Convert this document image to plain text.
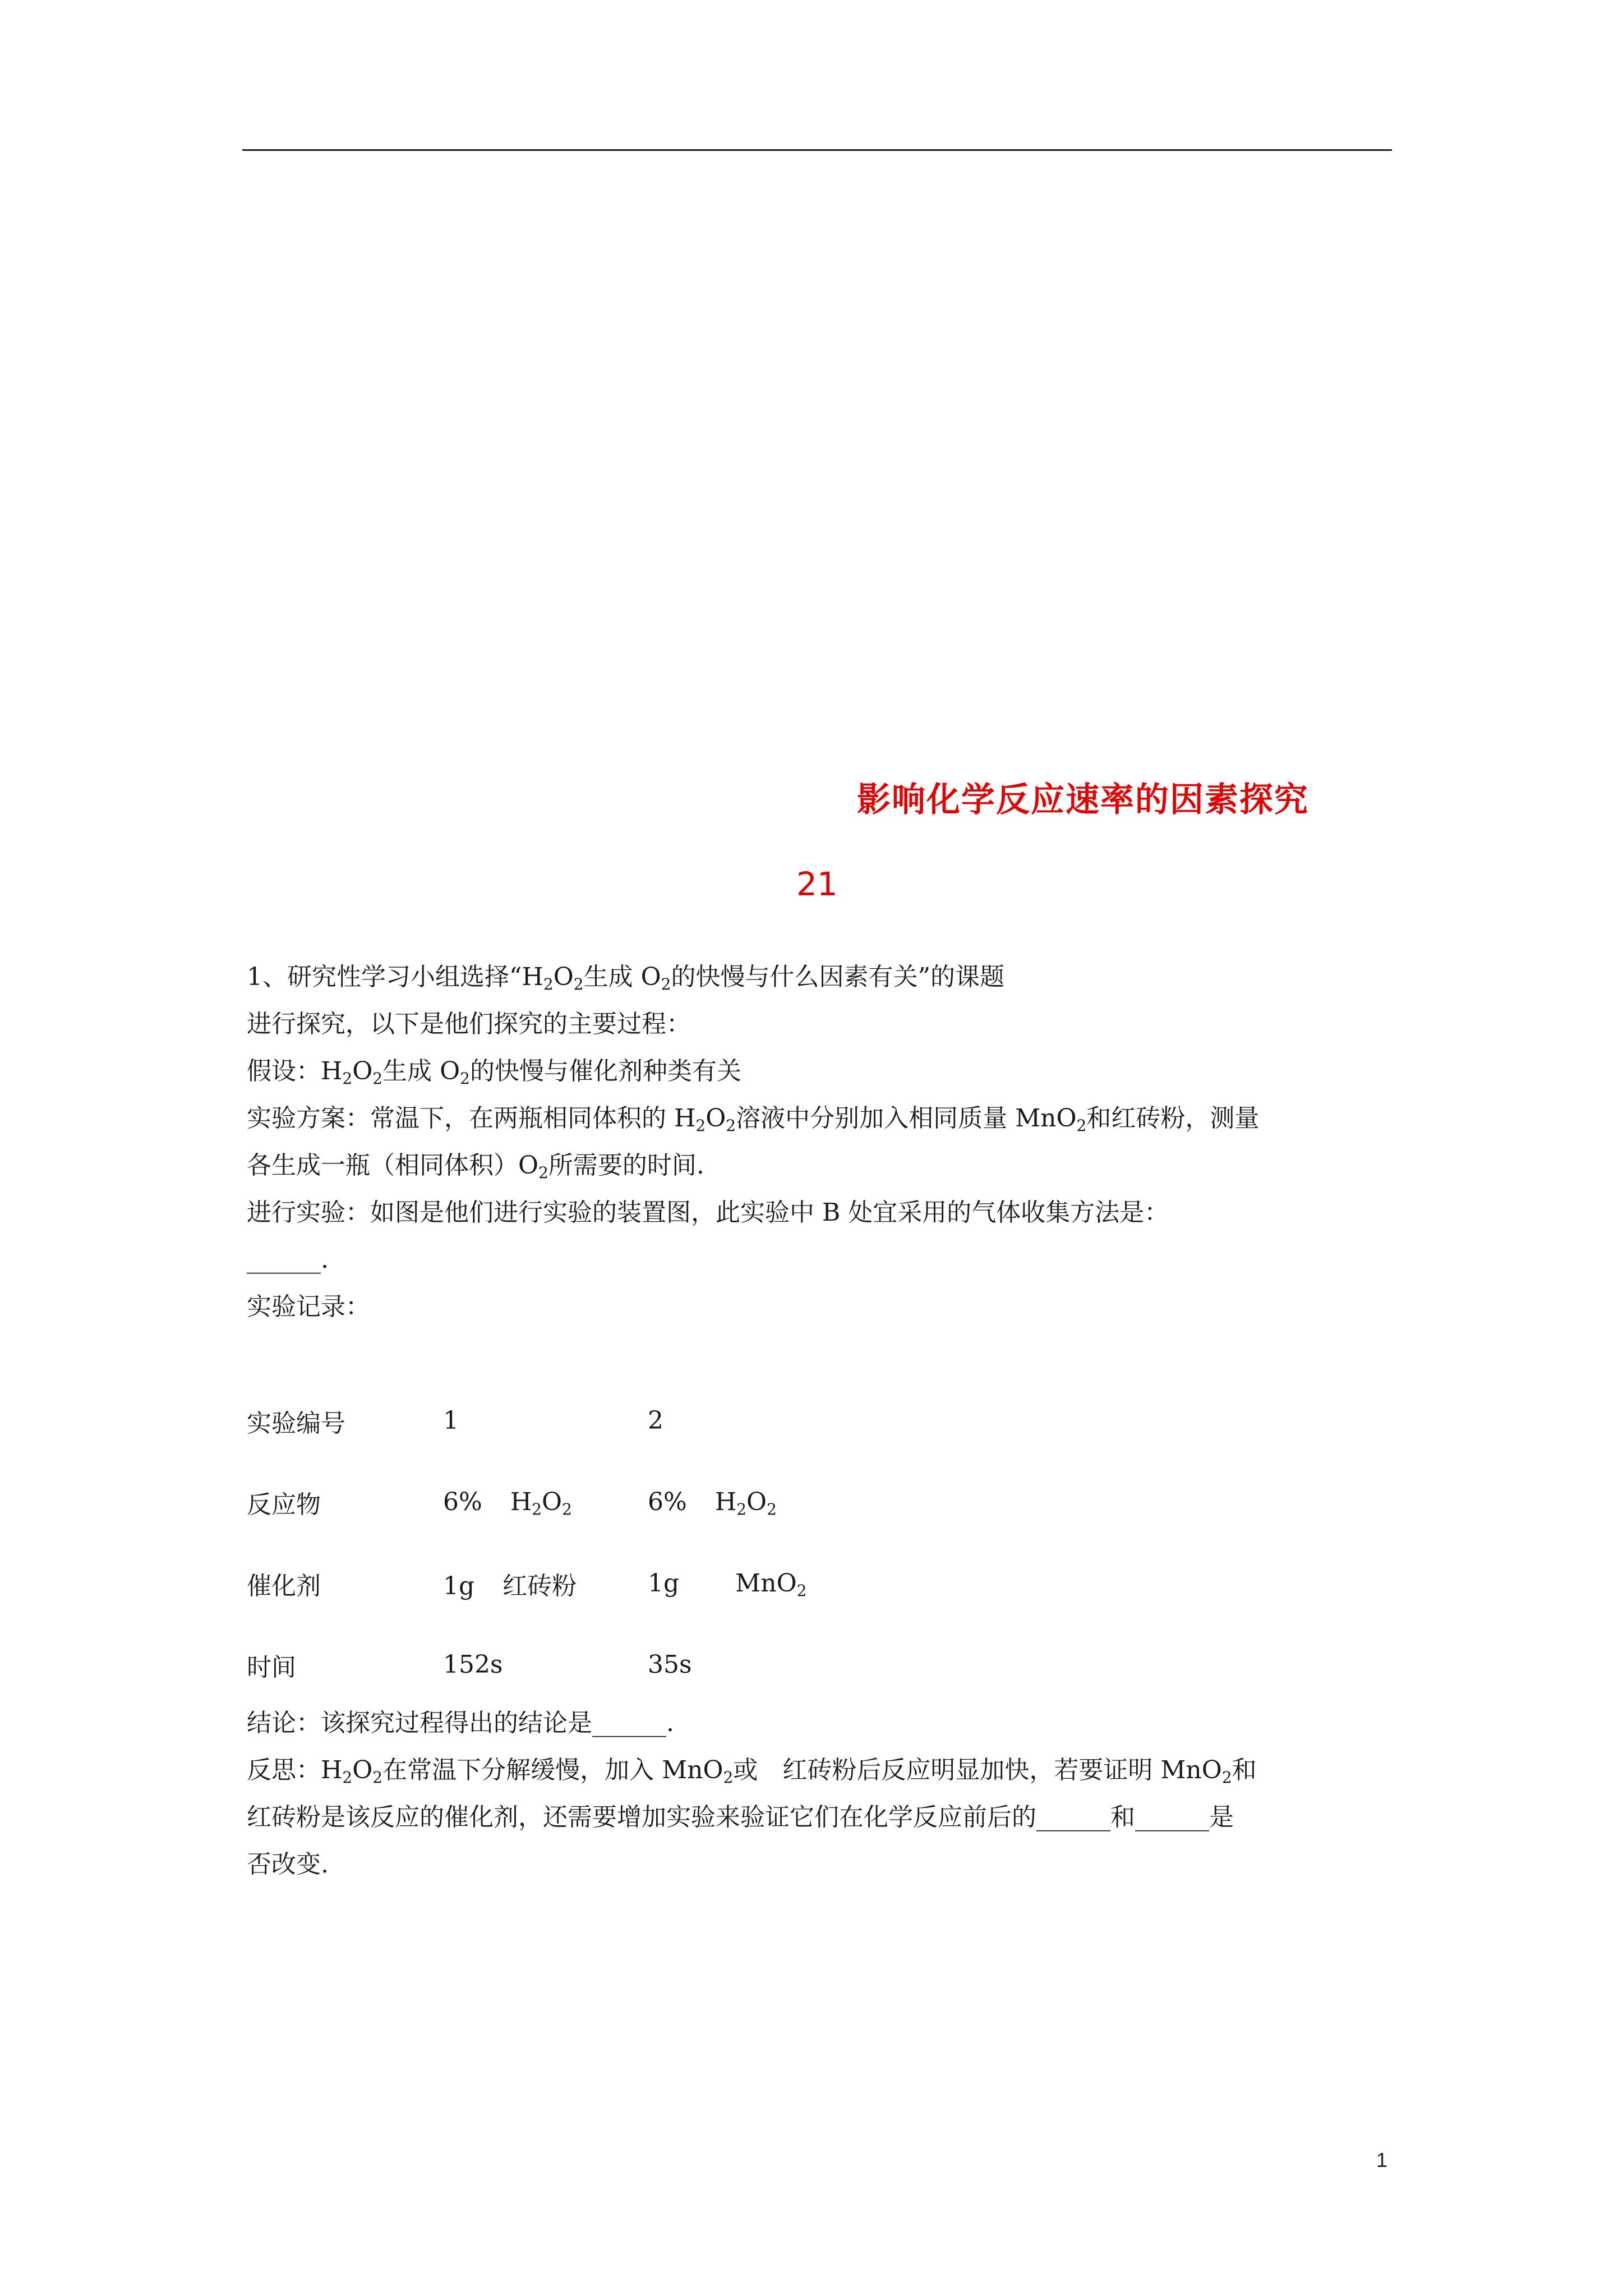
影响化学反应速率的因素探究
21

1、研究性学习小组选择“$H_2O_2$生成 $O_2$的快慢与什么因素有关”的课题

进行探究，以下是他们探究的主要过程：

假设：$H_2O_2$生成 $O_2$的快慢与催化剂种类有关

实验方案：常温下，在两瓶相同体积的 $H_2O_2$溶液中分别加入相同质量 MnO$_2$和红砖粉，测量

各生成一瓶（相同体积）$O_2$所需要的时间.

进行实验：如图是他们进行实验的装置图，此实验中 B 处宜采用的气体收集方法是：

______.

实验记录：

实验编号	1	2
反应物	6% $H_2O_2$	6% $H_2O_2$
催化剂	1g 红砖粉	1g MnO$_2$
时间	152s	35s

结论：该探究过程得出的结论是______.

反思：$H_2O_2$在常温下分解缓慢，加入 MnO$_2$或　红砖粉后反应明显加快，若要证明 MnO$_2$和

红砖粉是该反应的催化剂，还需要增加实验来验证它们在化学反应前后的______和______是

否改变.

1
